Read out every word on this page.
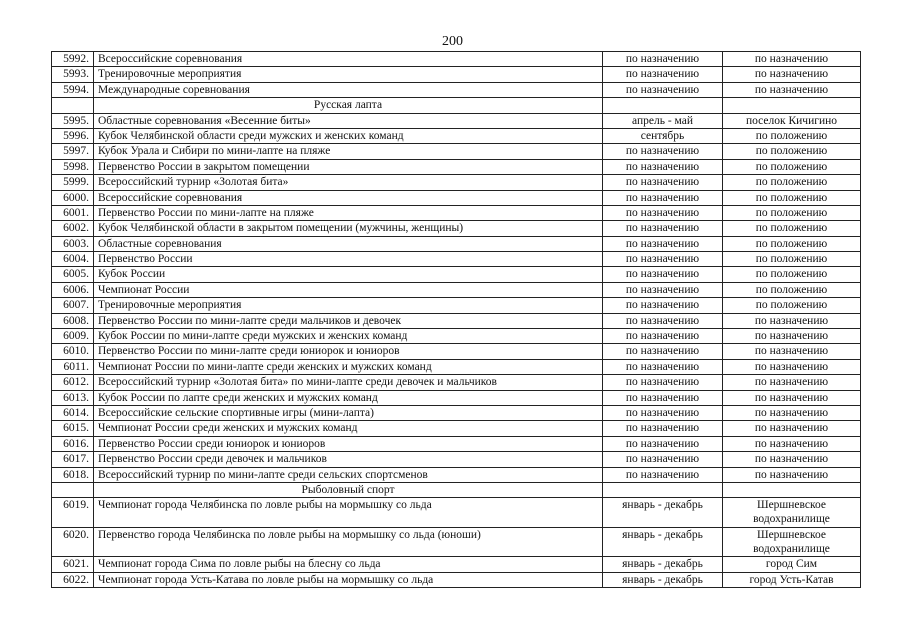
200
5992.	Всероссийские соревнования	по назначению	по назначению
5993.	Тренировочные мероприятия	по назначению	по назначению
5994.	Международные соревнования	по назначению	по назначению
	Русская лапта		
5995.	Областные соревнования «Весенние биты»	апрель - май	поселок Кичигино
5996.	Кубок Челябинской области среди мужских и женских команд	сентябрь	по положению
5997.	Кубок Урала и Сибири по мини-лапте на пляже	по назначению	по положению
5998.	Первенство России в закрытом помещении	по назначению	по положению
5999.	Всероссийский турнир «Золотая бита»	по назначению	по положению
6000.	Всероссийские соревнования	по назначению	по положению
6001.	Первенство России по мини-лапте на пляже	по назначению	по положению
6002.	Кубок Челябинской области в закрытом помещении (мужчины, женщины)	по назначению	по положению
6003.	Областные соревнования	по назначению	по положению
6004.	Первенство России	по назначению	по положению
6005.	Кубок России	по назначению	по положению
6006.	Чемпионат России	по назначению	по положению
6007.	Тренировочные мероприятия	по назначению	по положению
6008.	Первенство России по мини-лапте среди мальчиков и девочек	по назначению	по назначению
6009.	Кубок России по мини-лапте среди мужских и женских команд	по назначению	по назначению
6010.	Первенство России по мини-лапте среди юниорок и юниоров	по назначению	по назначению
6011.	Чемпионат России по мини-лапте среди женских и мужских команд	по назначению	по назначению
6012.	Всероссийский турнир «Золотая бита» по мини-лапте среди девочек и мальчиков	по назначению	по назначению
6013.	Кубок России по лапте среди женских и мужских команд	по назначению	по назначению
6014.	Всероссийские сельские спортивные игры (мини-лапта)	по назначению	по назначению
6015.	Чемпионат России среди женских и мужских команд	по назначению	по назначению
6016.	Первенство России среди юниорок и юниоров	по назначению	по назначению
6017.	Первенство России среди девочек и мальчиков	по назначению	по назначению
6018.	Всероссийский турнир по мини-лапте среди сельских спортсменов	по назначению	по назначению
	Рыболовный спорт		
6019.	Чемпионат города Челябинска по ловле рыбы на мормышку со льда	январь - декабрь	Шершневское водохранилище
6020.	Первенство города Челябинска по ловле рыбы на мормышку со льда (юноши)	январь - декабрь	Шершневское водохранилище
6021.	Чемпионат города Сима по ловле рыбы на блесну со льда	январь - декабрь	город Сим
6022.	Чемпионат города Усть-Катава по ловле рыбы на мормышку со льда	январь - декабрь	город Усть-Катав
